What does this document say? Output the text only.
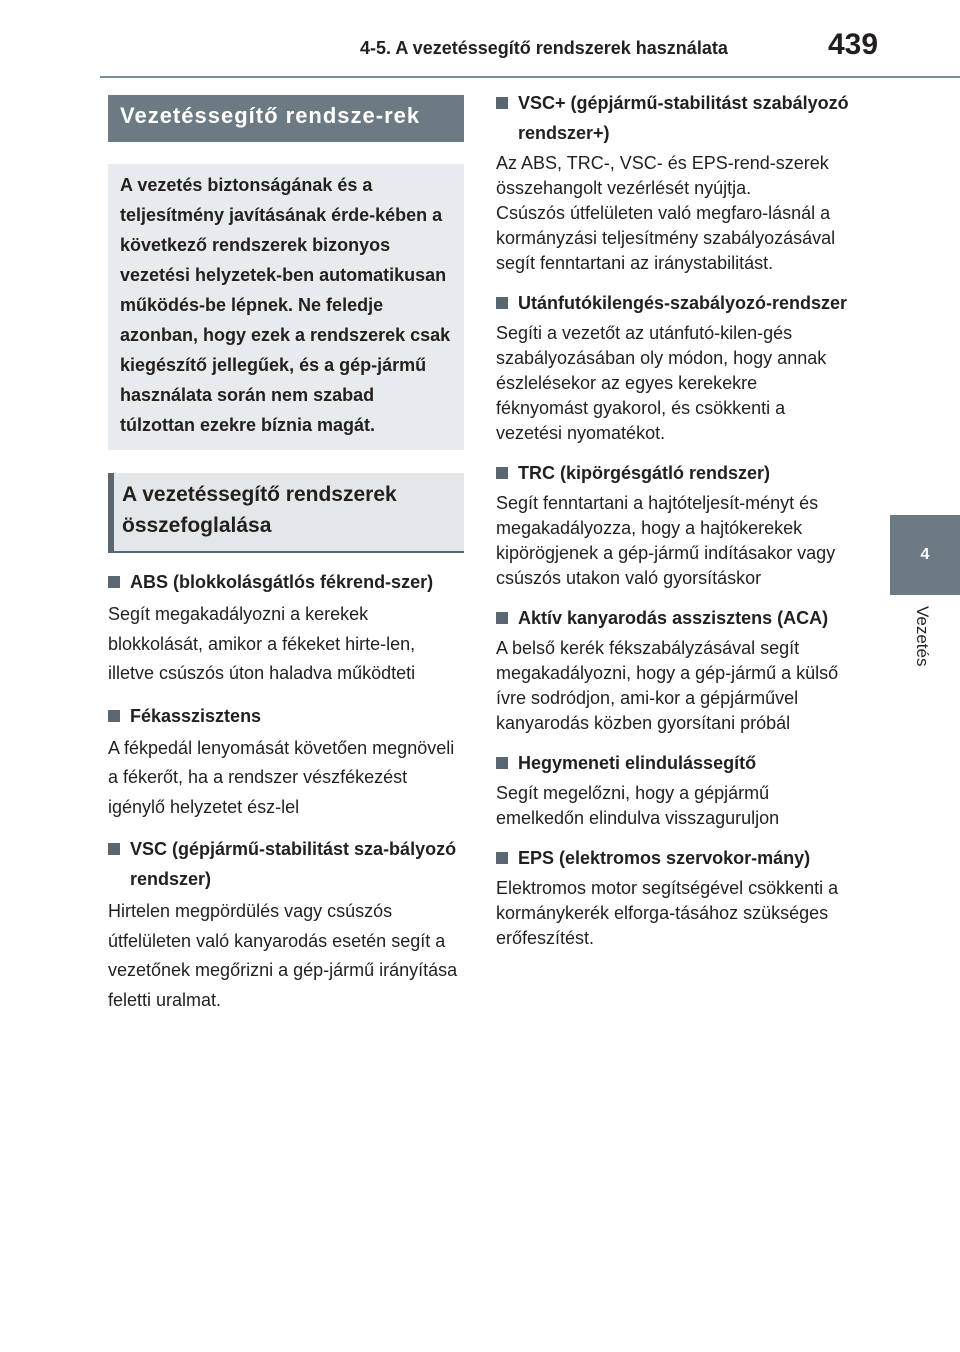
4-5. A vezetéssegítő rendszerek használata	439
4
Vezetés
Vezetéssegítő rendsze-rek
A vezetés biztonságának és a teljesítmény javításának érde-kében a következő rendszerek bizonyos vezetési helyzetek-ben automatikusan működés-be lépnek. Ne feledje azonban, hogy ezek a rendszerek csak kiegészítő jellegűek, és a gép-jármű használata során nem szabad túlzottan ezekre bíznia magát.
A vezetéssegítő rendszerek összefoglalása
ABS (blokkolásgátlós fékrend-szer)
Segít megakadályozni a kerekek blokkolását, amikor a fékeket hirte-len, illetve csúszós úton haladva működteti
Fékasszisztens
A fékpedál lenyomását követően megnöveli a fékerőt, ha a rendszer vészfékezést igénylő helyzetet ész-lel
VSC (gépjármű-stabilitást sza-bályozó rendszer)
Hirtelen megpördülés vagy csúszós útfelületen való kanyarodás esetén segít a vezetőnek megőrizni a gép-jármű irányítása feletti uralmat.
VSC+ (gépjármű-stabilitást szabályozó rendszer+)
Az ABS, TRC-, VSC- és EPS-rend-szerek összehangolt vezérlését nyújtja.
Csúszós útfelületen való megfaro-lásnál a kormányzási teljesítmény szabályozásával segít fenntartani az iránystabilitást.
Utánfutókilengés-szabályozó-rendszer
Segíti a vezetőt az utánfutó-kilen-gés szabályozásában oly módon, hogy annak észlelésekor az egyes kerekekre féknyomást gyakorol, és csökkenti a vezetési nyomatékot.
TRC (kipörgésgátló rendszer)
Segít fenntartani a hajtóteljesít-ményt és megakadályozza, hogy a hajtókerekek kipörögjenek a gép-jármű indításakor vagy csúszós utakon való gyorsításkor
Aktív kanyarodás asszisztens (ACA)
A belső kerék fékszabályzásával segít megakadályozni, hogy a gép-jármű a külső ívre sodródjon, ami-kor a gépjárművel kanyarodás közben gyorsítani próbál
Hegymeneti elindulássegítő
Segít megelőzni, hogy a gépjármű emelkedőn elindulva visszaguruljon
EPS (elektromos szervokor-mány)
Elektromos motor segítségével csökkenti a kormánykerék elforga-tásához szükséges erőfeszítést.
